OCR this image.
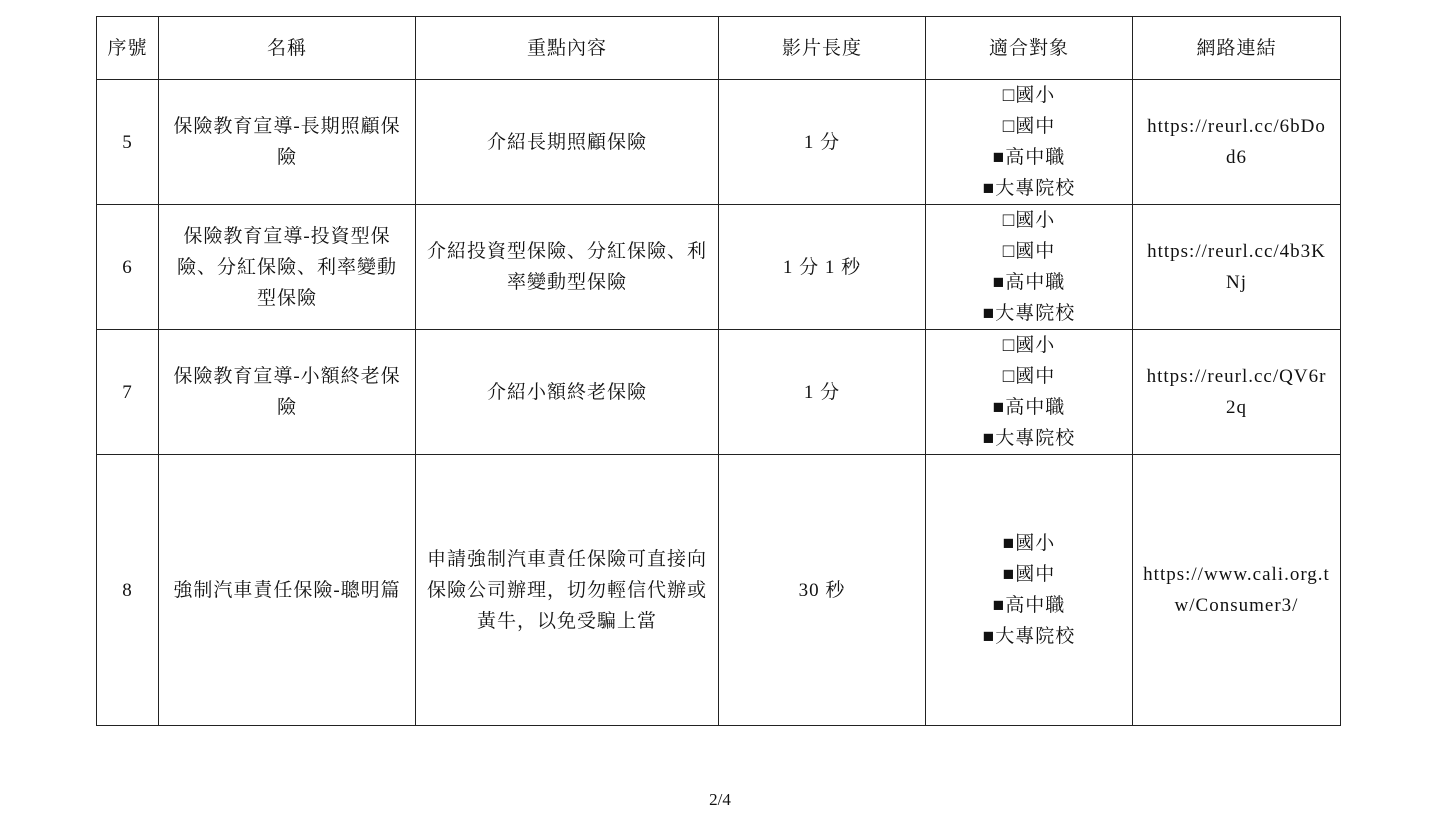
序號	名稱	重點內容	影片長度	適合對象	網路連結
5	保險教育宣導-長期照顧保險	介紹長期照顧保險	1 分	□國小
□國中
■高中職
■大專院校	https://reurl.cc/6bDod6
6	保險教育宣導-投資型保險、分紅保險、利率變動型保險	介紹投資型保險、分紅保險、利率變動型保險	1 分 1 秒	□國小
□國中
■高中職
■大專院校	https://reurl.cc/4b3KNj
7	保險教育宣導-小額終老保險	介紹小額終老保險	1 分	□國小
□國中
■高中職
■大專院校	https://reurl.cc/QV6r2q
8	強制汽車責任保險-聰明篇	申請強制汽車責任保險可直接向保險公司辦理，切勿輕信代辦或黃牛，以免受騙上當	30 秒	■國小
■國中
■高中職
■大專院校	https://www.cali.org.tw/Consumer3/
2/4
